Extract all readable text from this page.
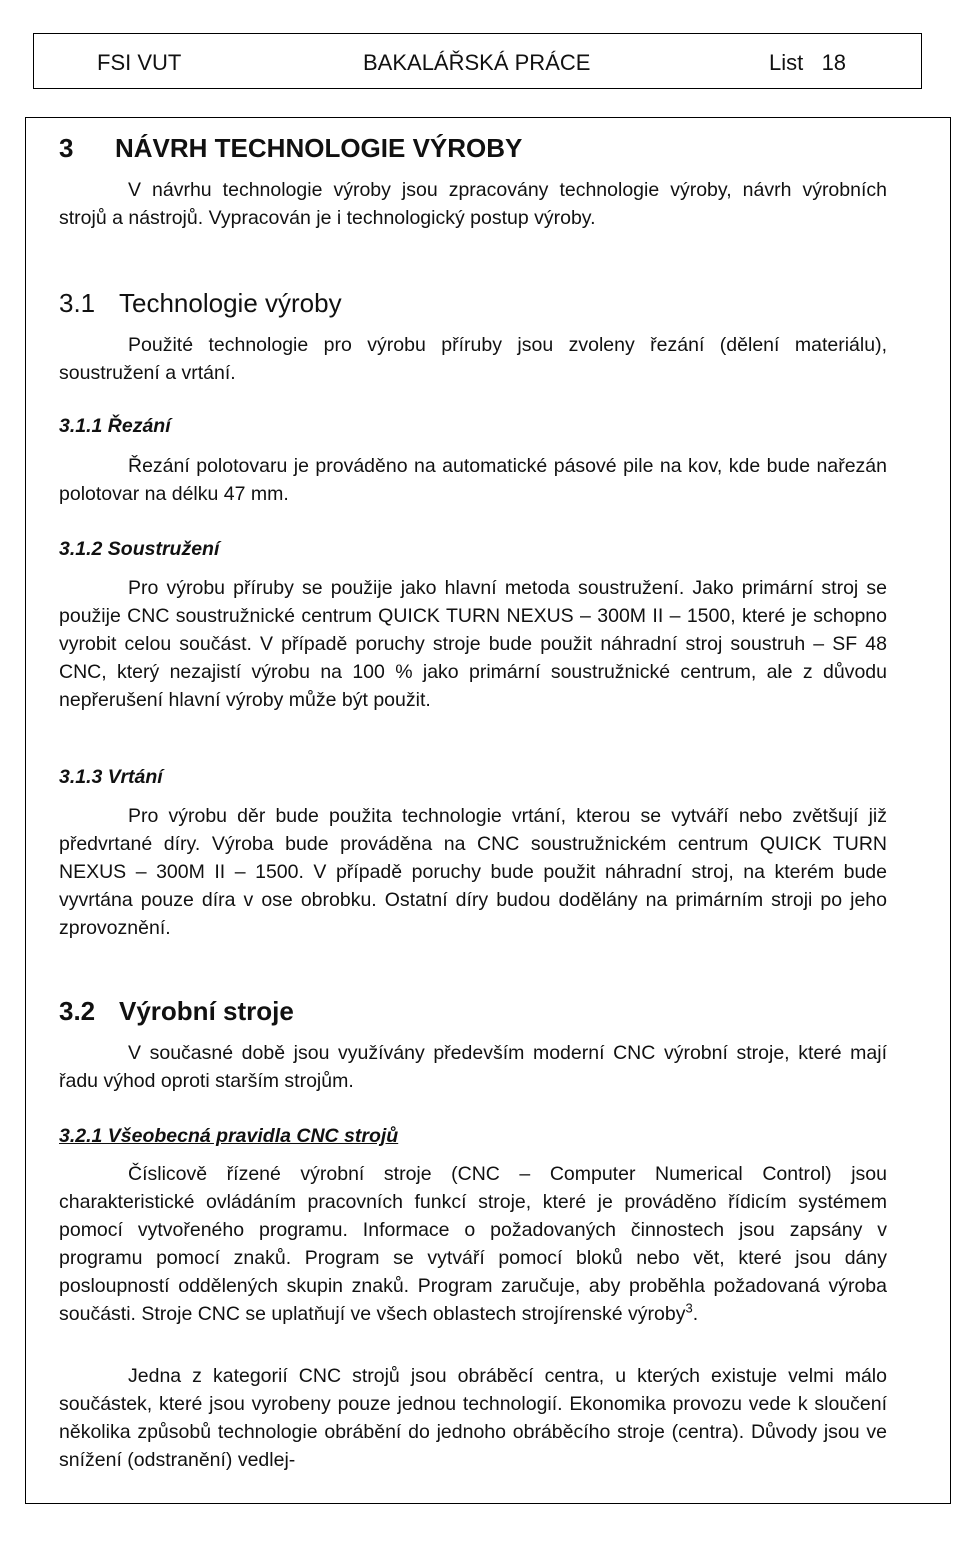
FSI VUT	BAKALÁŘSKÁ PRÁCE	List   18
3 NÁVRH TECHNOLOGIE VÝROBY

V návrhu technologie výroby jsou zpracovány technologie výroby, návrh výrobních strojů a nástrojů. Vypracován je i technologický postup výroby.

3.1 Technologie výroby

Použité technologie pro výrobu příruby jsou zvoleny řezání (dělení materiálu), soustružení a vrtání.

3.1.1 Řezání

Řezání polotovaru je prováděno na automatické pásové pile na kov, kde bude nařezán polotovar na délku 47 mm.

3.1.2 Soustružení

Pro výrobu příruby se použije jako hlavní metoda soustružení. Jako primární stroj se použije CNC soustružnické centrum QUICK TURN NEXUS – 300M II – 1500, které je schopno vyrobit celou součást. V případě poruchy stroje bude použit náhradní stroj soustruh – SF 48 CNC, který nezajistí výrobu na 100 % jako primární soustružnické centrum, ale z důvodu nepřerušení hlavní výroby může být použit.

3.1.3 Vrtání

Pro výrobu děr bude použita technologie vrtání, kterou se vytváří nebo zvětšují již předvrtané díry. Výroba bude prováděna na CNC soustružnickém centrum QUICK TURN NEXUS – 300M II – 1500. V případě poruchy bude použit náhradní stroj, na kterém bude vyvrtána pouze díra v ose obrobku. Ostatní díry budou dodělány na primárním stroji po jeho zprovoznění.

3.2 Výrobní stroje

V současné době jsou využívány především moderní CNC výrobní stroje, které mají řadu výhod oproti starším strojům.

3.2.1 Všeobecná pravidla CNC strojů

Číslicově řízené výrobní stroje (CNC – Computer Numerical Control) jsou charakteristické ovládáním pracovních funkcí stroje, které je prováděno řídicím systémem pomocí vytvořeného programu. Informace o požadovaných činnostech jsou zapsány v programu pomocí znaků. Program se vytváří pomocí bloků nebo vět, které jsou dány posloupností oddělených skupin znaků. Program zaručuje, aby proběhla požadovaná výroba součásti. Stroje CNC se uplatňují ve všech oblastech strojírenské výroby$^3$.

Jedna z kategorií CNC strojů jsou obráběcí centra, u kterých existuje velmi málo součástek, které jsou vyrobeny pouze jednou technologií. Ekonomika provozu vede k sloučení několika způsobů technologie obrábění do jednoho obráběcího stroje (centra). Důvody jsou ve snížení (odstranění) vedlej-
